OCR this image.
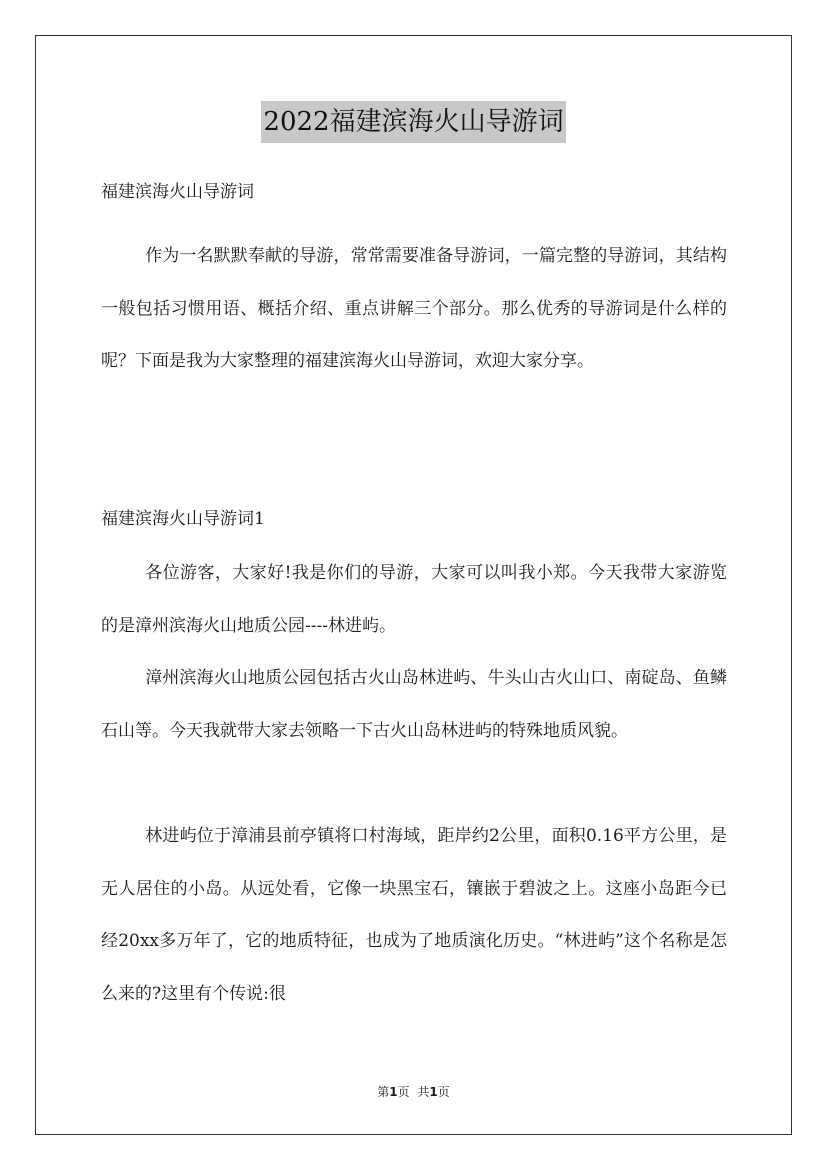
2022福建滨海火山导游词
福建滨海火山导游词

作为一名默默奉献的导游，常常需要准备导游词，一篇完整的导游词，其结构一般包括习惯用语、概括介绍、重点讲解三个部分。那么优秀的导游词是什么样的呢？下面是我为大家整理的福建滨海火山导游词，欢迎大家分享。

福建滨海火山导游词1

各位游客，大家好!我是你们的导游，大家可以叫我小郑。今天我带大家游览的是漳州滨海火山地质公园----林进屿。

漳州滨海火山地质公园包括古火山岛林进屿、牛头山古火山口、南碇岛、鱼鳞石山等。今天我就带大家去领略一下古火山岛林进屿的特殊地质风貌。

林进屿位于漳浦县前亭镇将口村海域，距岸约2公里，面积0.16平方公里，是无人居住的小岛。从远处看，它像一块黑宝石，镶嵌于碧波之上。这座小岛距今已经20xx多万年了，它的地质特征，也成为了地质演化历史。“林进屿”这个名称是怎么来的?这里有个传说:很

第1页 共1页
